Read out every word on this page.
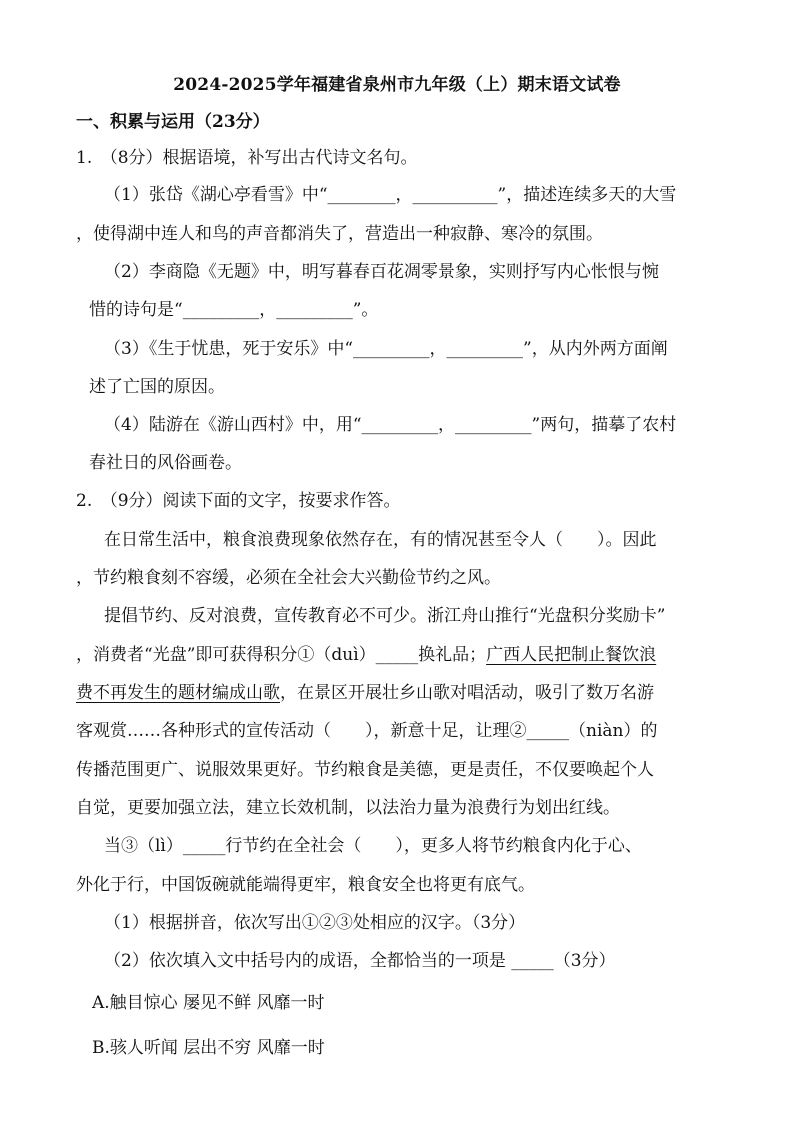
2024-2025学年福建省泉州市九年级（上）期末语文试卷
一、积累与运用（23分）
1.　（8分）根据语境，补写出古代诗文名句。
（1）张岱《湖心亭看雪》中“________，__________”，描述连续多天的大雪
，使得湖中连人和鸟的声音都消失了，营造出一种寂静、寒冷的氛围。
（2）李商隐《无题》中，明写暮春百花凋零景象，实则抒写内心怅恨与惋
惜的诗句是“_________，_________”。
（3）《生于忧患，死于安乐》中“_________，_________”，从内外两方面阐
述了亡国的原因。
（4）陆游在《游山西村》中，用“_________，_________”两句，描摹了农村
春社日的风俗画卷。
2.　（9分）阅读下面的文字，按要求作答。
在日常生活中，粮食浪费现象依然存在，有的情况甚至令人（　　）。因此
，节约粮食刻不容缓，必须在全社会大兴勤俭节约之风。
提倡节约、反对浪费，宣传教育必不可少。浙江舟山推行“光盘积分奖励卡”
，消费者“光盘”即可获得积分①（duì）_____换礼品；广西人民把制止餐饮浪
费不再发生的题材编成山歌，在景区开展壮乡山歌对唱活动，吸引了数万名游
客观赏……各种形式的宣传活动（　　），新意十足，让理②_____（niàn）的
传播范围更广、说服效果更好。节约粮食是美德，更是责任，不仅要唤起个人
自觉，更要加强立法，建立长效机制，以法治力量为浪费行为划出红线。
当③（lì）_____行节约在全社会（　　），更多人将节约粮食内化于心、
外化于行，中国饭碗就能端得更牢，粮食安全也将更有底气。
（1）根据拼音，依次写出①②③处相应的汉字。（3分）
（2）依次填入文中括号内的成语，全都恰当的一项是 _____（3分）
A.触目惊心 屡见不鲜 风靡一时
B.骇人听闻 层出不穷 风靡一时
